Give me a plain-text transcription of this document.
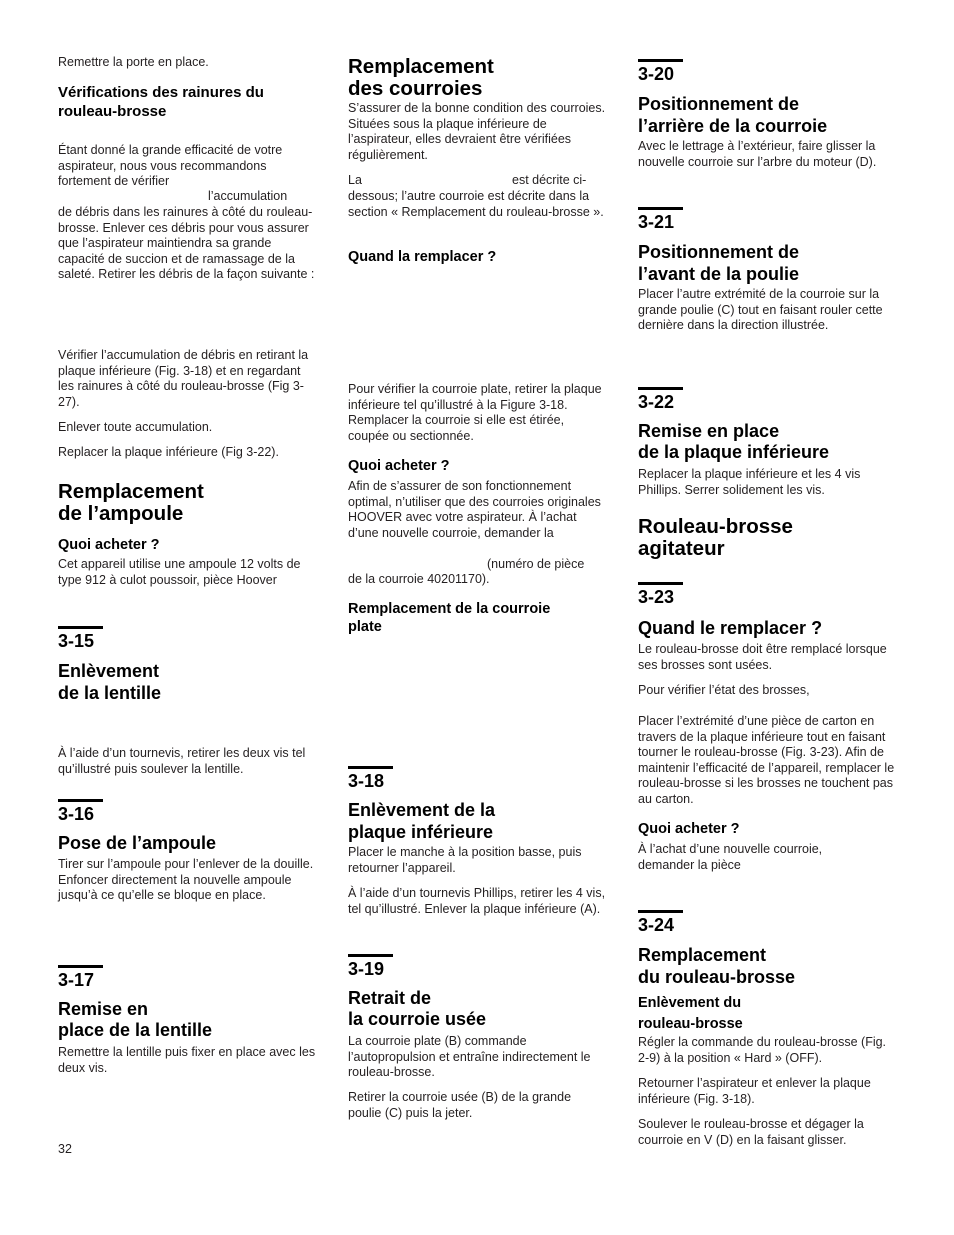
Remettre la porte en place.

Vérifications des rainures du rouleau-brosse

Étant donné la grande efficacité de votre aspirateur, nous vous recommandons fortement de vérifier

l’accumulation

de débris dans les rainures à côté du rouleau-brosse. Enlever ces débris pour vous assurer que l’aspirateur maintiendra sa grande capacité de succion et de ramassage de la saleté. Retirer les débris de la façon suivante :

Vérifier l’accumulation de débris en retirant la plaque inférieure (Fig. 3-18) et en regardant les rainures à côté du rouleau-brosse (Fig 3-27).

Enlever toute accumulation.

Replacer la plaque inférieure (Fig 3-22).

Remplacement
de l’ampoule
Quoi acheter ?

Cet appareil utilise une ampoule 12 volts de type 912 à culot poussoir, pièce Hoover

3-15
Enlèvement
de la lentille

À l’aide d’un tournevis, retirer les deux vis tel qu’illustré puis soulever la lentille.

3-16
Pose de l’ampoule

Tirer sur l’ampoule pour l’enlever de la douille. Enfoncer directement la nouvelle ampoule jusqu’à ce qu’elle se bloque en place.

3-17
Remise en
place de la lentille

Remettre la lentille puis fixer en place avec les deux vis.

32

Remplacement
des courroies

S’assurer de la bonne condition des courroies. Situées sous la plaque inférieure de l’aspirateur, elles devraient être vérifiées régulièrement.

La	est décrite ci-

dessous; l’autre courroie est décrite dans la section « Remplacement du rouleau-brosse ».

Quand la remplacer ?

Pour vérifier la courroie plate, retirer la plaque inférieure tel qu’illustré à la Figure 3-18. Remplacer la courroie si elle est étirée, coupée ou sectionnée.

Quoi acheter ?

Afin de s’assurer de son fonctionnement optimal, n’utiliser que des courroies originales HOOVER avec votre aspirateur. À l’achat d’une nouvelle courroie, demander la

(numéro de pièce

de la courroie 40201170).

Remplacement de la courroie plate
3-18
Enlèvement de la
plaque inférieure

Placer le manche à la position basse, puis retourner l’appareil.

À l’aide d’un tournevis Phillips, retirer les 4 vis, tel qu’illustré. Enlever la plaque inférieure (A).

3-19
Retrait de
la courroie usée

La courroie plate (B) commande l’autopropulsion et entraîne indirectement le rouleau-brosse.

Retirer la courroie usée (B) de la grande poulie (C) puis la jeter.

3-20
Positionnement de
l’arrière de la courroie

Avec le lettrage à l’extérieur, faire glisser la nouvelle courroie sur l’arbre du moteur (D).

3-21
Positionnement de
l’avant de la poulie

Placer l’autre extrémité de la courroie sur la grande poulie (C) tout en faisant rouler cette dernière dans la direction illustrée.

3-22
Remise en place
de la plaque inférieure

Replacer la plaque inférieure et les 4 vis Phillips. Serrer solidement les vis.

Rouleau-brosse
agitateur
3-23
Quand le remplacer ?

Le rouleau-brosse doit être remplacé lorsque ses brosses sont usées.

Pour vérifier l’état des brosses,

Placer l’extrémité d’une pièce de carton en travers de la plaque inférieure tout en faisant tourner le rouleau-brosse (Fig. 3-23). Afin de maintenir l’efficacité de l’appareil, remplacer le rouleau-brosse si les brosses ne touchent pas au carton.

Quoi acheter ?

À l’achat d’une nouvelle courroie, demander la pièce

3-24
Remplacement
du rouleau-brosse
Enlèvement du
rouleau-brosse

Régler la commande du rouleau-brosse (Fig. 2-9) à la position « Hard » (OFF).

Retourner l’aspirateur et enlever la plaque inférieure (Fig. 3-18).

Soulever le rouleau-brosse et dégager la courroie en V (D) en la faisant glisser.
